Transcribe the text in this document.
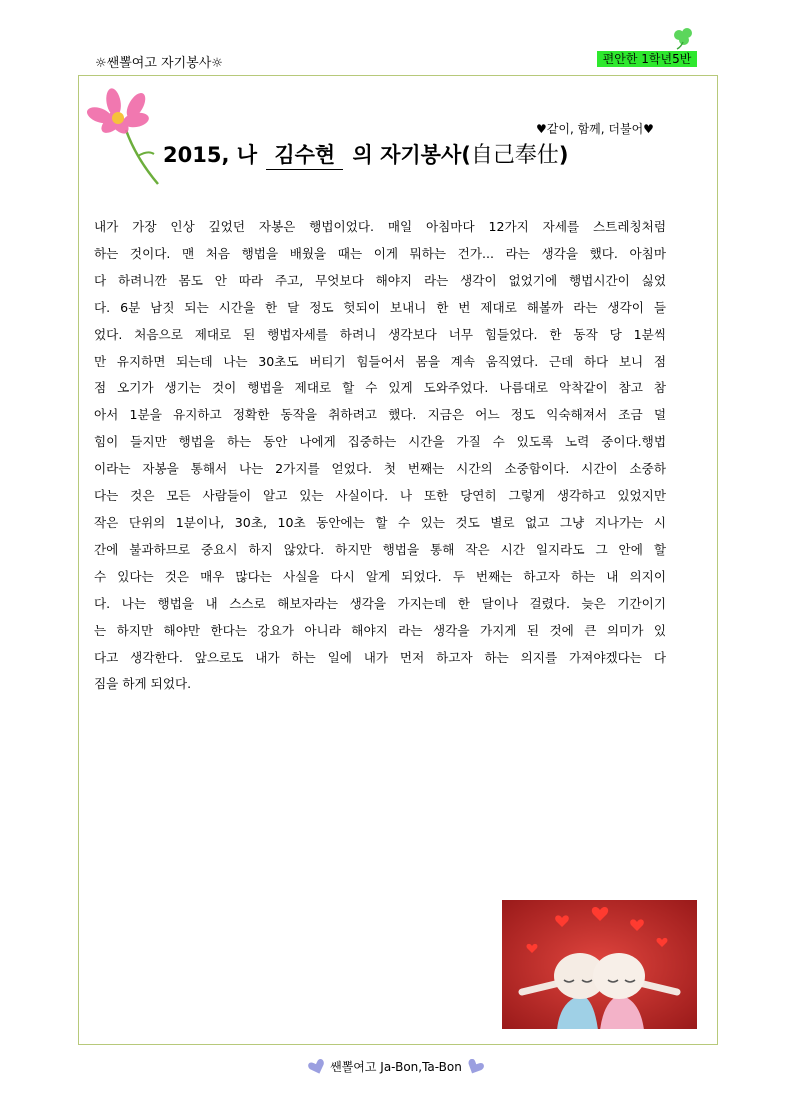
☼쌘뽈여고 자기봉사☼	편안한 1학년5반
♥같이, 함께, 더불어♥
2015, 나 김수현 의 자기봉사(自己奉仕)
내가 가장 인상 깊었던 자봉은 행법이었다. 매일 아침마다 12가지 자세를 스트레칭처럼
하는 것이다. 맨 처음 행법을 배웠을 때는 이게 뭐하는 건가... 라는 생각을 했다. 아침마
다 하려니깐 몸도 안 따라 주고, 무엇보다 해야지 라는 생각이 없었기에 행법시간이 싫었
다. 6분 남짓 되는 시간을 한 달 정도 헛되이 보내니 한 번 제대로 해볼까 라는 생각이 들
었다. 처음으로 제대로 된 행법자세를 하려니 생각보다 너무 힘들었다. 한 동작 당 1분씩
만 유지하면 되는데 나는 30초도 버티기 힘들어서 몸을 계속 움직였다. 근데 하다 보니 점
점 오기가 생기는 것이 행법을 제대로 할 수 있게 도와주었다. 나름대로 악착같이 참고 참
아서 1분을 유지하고 정확한 동작을 취하려고 했다. 지금은 어느 정도 익숙해져서 조금 덜
힘이 들지만 행법을 하는 동안 나에게 집중하는 시간을 가질 수 있도록 노력 중이다.행법
이라는 자봉을 통해서 나는 2가지를 얻었다. 첫 번째는 시간의 소중함이다. 시간이 소중하
다는 것은 모든 사람들이 알고 있는 사실이다. 나 또한 당연히 그렇게 생각하고 있었지만
작은 단위의 1분이나, 30초, 10초 동안에는 할 수 있는 것도 별로 없고 그냥 지나가는 시
간에 불과하므로 중요시 하지 않았다. 하지만 행법을 통해 작은 시간 일지라도 그 안에 할
수 있다는 것은 매우 많다는 사실을 다시 알게 되었다. 두 번째는 하고자 하는 내 의지이
다. 나는 행법을 내 스스로 해보자라는 생각을 가지는데 한 달이나 걸렸다. 늦은 기간이기
는 하지만 해야만 한다는 강요가 아니라 해야지 라는 생각을 가지게 된 것에 큰 의미가 있
다고 생각한다. 앞으로도 내가 하는 일에 내가 먼저 하고자 하는 의지를 가져야겠다는 다
짐을 하게 되었다.
쌘뽈여고 Ja-Bon,Ta-Bon
